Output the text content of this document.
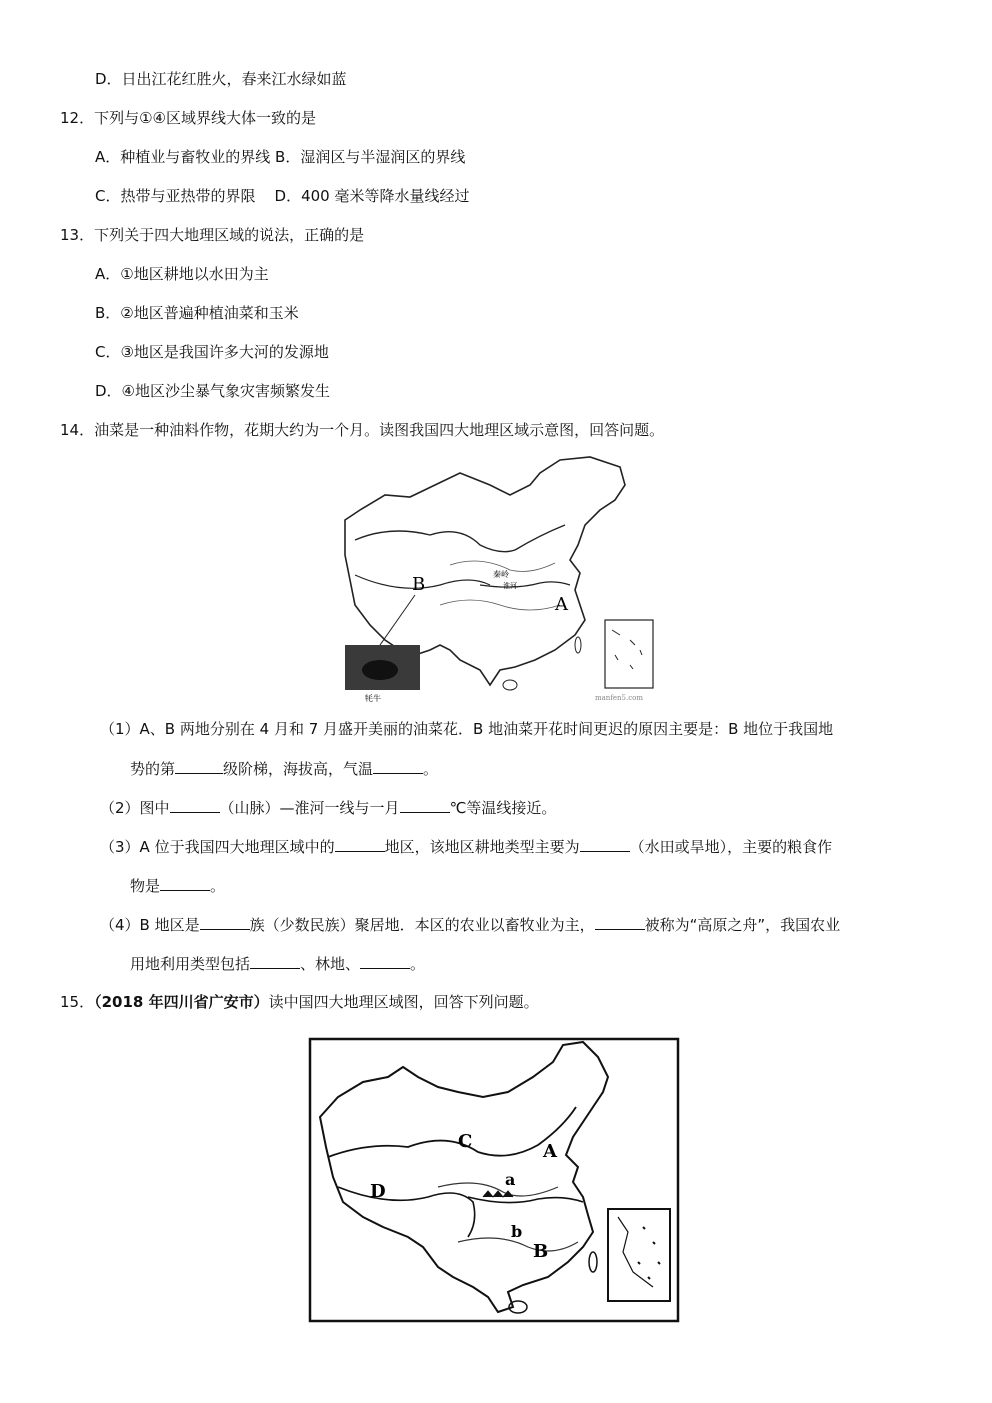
D．日出江花红胜火，春来江水绿如蓝
12．下列与①④区域界线大体一致的是
A．种植业与畜牧业的界线 B．湿润区与半湿润区的界线
C．热带与亚热带的界限    D．400 毫米等降水量线经过
13．下列关于四大地理区域的说法，正确的是
A．①地区耕地以水田为主
B．②地区普遍种植油菜和玉米
C．③地区是我国许多大河的发源地
D．④地区沙尘暴气象灾害频繁发生
14．油菜是一种油料作物，花期大约为一个月。读图我国四大地理区域示意图，回答问题。
B
A
秦岭
淮河
牦牛	manfen5.com
（1）A、B 两地分别在 4 月和 7 月盛开美丽的油菜花．B 地油菜开花时间更迟的原因主要是：B 地位于我国地
势的第	级阶梯，海拔高，气温	。
（2）图中	（山脉）—淮河一线与一月	℃等温线接近。
（3）A 位于我国四大地理区域中的	地区，该地区耕地类型主要为	（水田或旱地），主要的粮食作
物是	。
（4）B 地区是	族（少数民族）聚居地．本区的农业以畜牧业为主，	被称为“高原之舟”，我国农业
用地利用类型包括	、林地、	。
15．（2018 年四川省广安市）读中国四大地理区域图，回答下列问题。
C	A
a
D
b
B
